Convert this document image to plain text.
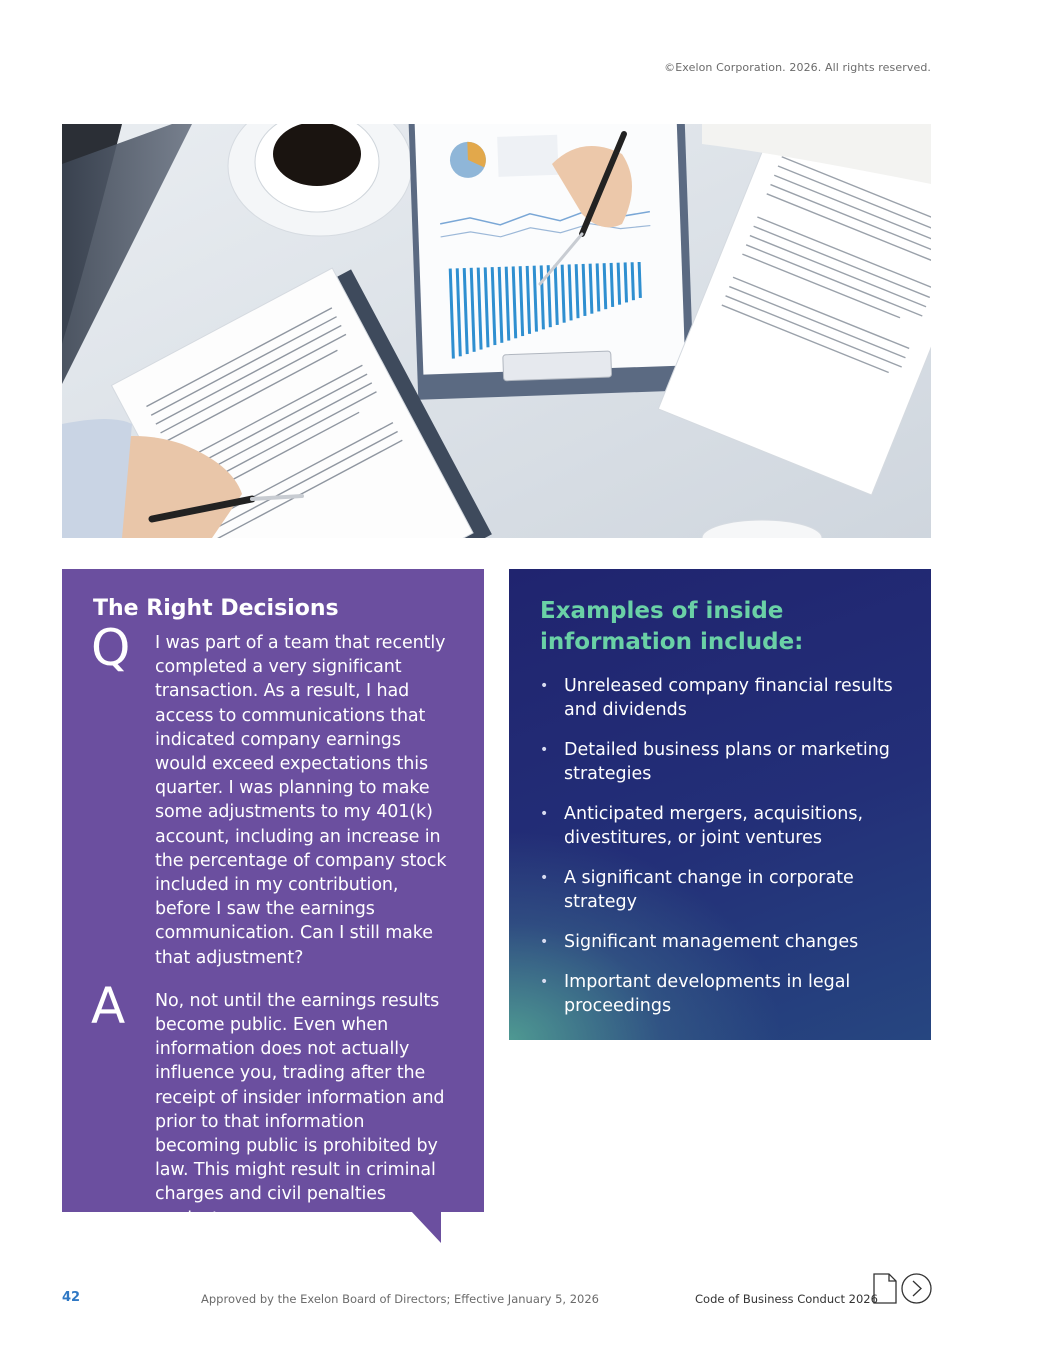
©Exelon Corporation. 2026. All rights reserved.
The Right Decisions
Q I was part of a team that recently completed a very significant transaction. As a result, I had access to communications that indicated company earnings would exceed expectations this quarter. I was planning to make some adjustments to my 401(k) account, including an increase in the percentage of company stock included in my contribution, before I saw the earnings communication. Can I still make that adjustment?

A No, not until the earnings results become public. Even when information does not actually influence you, trading after the receipt of insider information and prior to that information becoming public is prohibited by law. This might result in criminal charges and civil penalties against you.

Examples of inside information include:
• Unreleased company financial results and dividends
• Detailed business plans or marketing strategies
• Anticipated mergers, acquisitions, divestitures, or joint ventures
• A significant change in corporate strategy
• Significant management changes
• Important developments in legal proceedings
42	Approved by the Exelon Board of Directors; Effective January 5, 2026	Code of Business Conduct 2026
